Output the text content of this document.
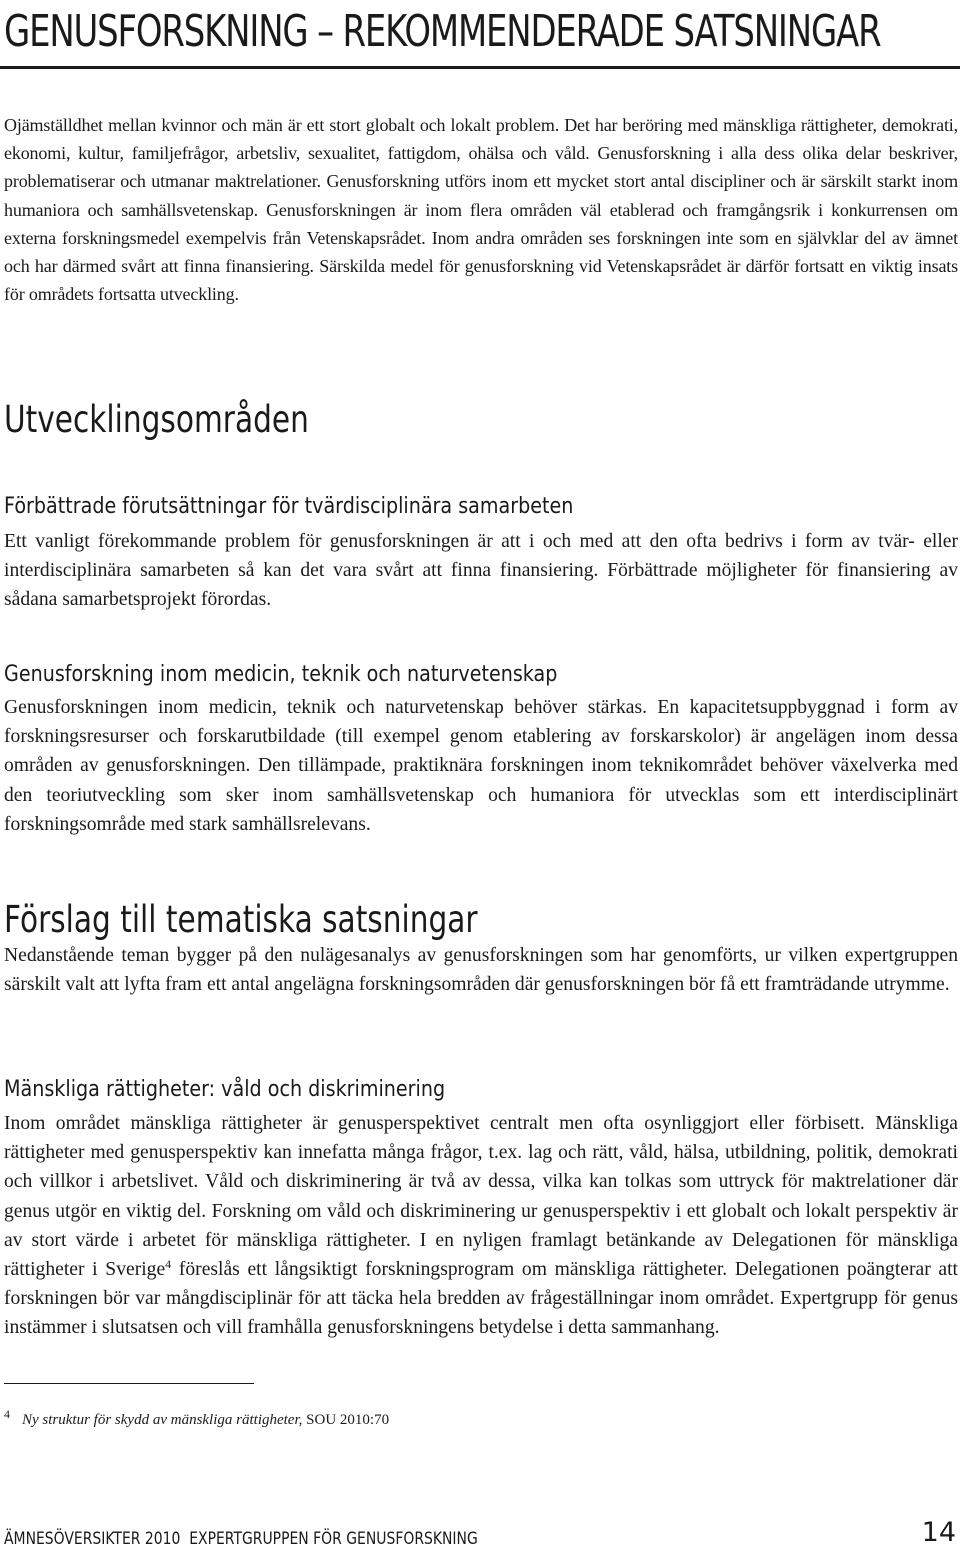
GENUSFORSKNING – REKOMMENDERADE SATSNINGAR

Ojämställdhet mellan kvinnor och män är ett stort globalt och lokalt problem. Det har beröring med mänskliga rättigheter, demokrati, ekonomi, kultur, familjefrågor, arbetsliv, sexualitet, fattigdom, ohälsa och våld. Genusforskning i alla dess olika delar beskriver, problematiserar och utmanar maktrelationer. Genusforskning utförs inom ett mycket stort antal discipliner och är särskilt starkt inom humaniora och samhällsvetenskap. Genusforskningen är inom flera områden väl etablerad och framgångsrik i konkurrensen om externa forskningsmedel exempelvis från Vetenskapsrådet. Inom andra områden ses forskningen inte som en självklar del av ämnet och har därmed svårt att finna finansiering. Särskilda medel för genusforskning vid Vetenskapsrådet är därför fortsatt en viktig insats för områdets fortsatta utveckling.

Utvecklingsområden
Förbättrade förutsättningar för tvärdisciplinära samarbeten

Ett vanligt förekommande problem för genusforskningen är att i och med att den ofta bedrivs i form av tvär- eller interdisciplinära samarbeten så kan det vara svårt att finna finansiering. Förbättrade möjligheter för finansiering av sådana samarbetsprojekt förordas.

Genusforskning inom medicin, teknik och naturvetenskap

Genusforskningen inom medicin, teknik och naturvetenskap behöver stärkas. En kapacitetsuppbyggnad i form av forskningsresurser och forskarutbildade (till exempel genom etablering av forskarskolor) är angelägen inom dessa områden av genusforskningen. Den tillämpade, praktiknära forskningen inom teknikområdet behöver växelverka med den teoriutveckling som sker inom samhällsvetenskap och humaniora för utvecklas som ett interdisciplinärt forskningsområde med stark samhällsrelevans.

Förslag till tematiska satsningar

Nedanstående teman bygger på den nulägesanalys av genusforskningen som har genomförts, ur vilken expertgruppen särskilt valt att lyfta fram ett antal angelägna forskningsområden där genusforskningen bör få ett framträdande utrymme.

Mänskliga rättigheter: våld och diskriminering

Inom området mänskliga rättigheter är genusperspektivet centralt men ofta osynliggjort eller förbisett. Mänskliga rättigheter med genusperspektiv kan innefatta många frågor, t.ex. lag och rätt, våld, hälsa, utbildning, politik, demokrati och villkor i arbetslivet. Våld och diskriminering är två av dessa, vilka kan tolkas som uttryck för maktrelationer där genus utgör en viktig del. Forskning om våld och diskriminering ur genusperspektiv i ett globalt och lokalt perspektiv är av stort värde i arbetet för mänskliga rättigheter. I en nyligen framlagt betänkande av Delegationen för mänskliga rättigheter i Sverige$^4$ föreslås ett långsiktigt forskningsprogram om mänskliga rättigheter. Delegationen poängterar att forskningen bör var mångdisciplinär för att täcka hela bredden av frågeställningar inom området. Expertgrupp för genus instämmer i slutsatsen och vill framhålla genusforskningens betydelse i detta sammanhang.

$^4$ Ny struktur för skydd av mänskliga rättigheter, SOU 2010:70

ÄMNESÖVERSIKTER 2010 EXPERTGRUPPEN FÖR GENUSFORSKNING	14
